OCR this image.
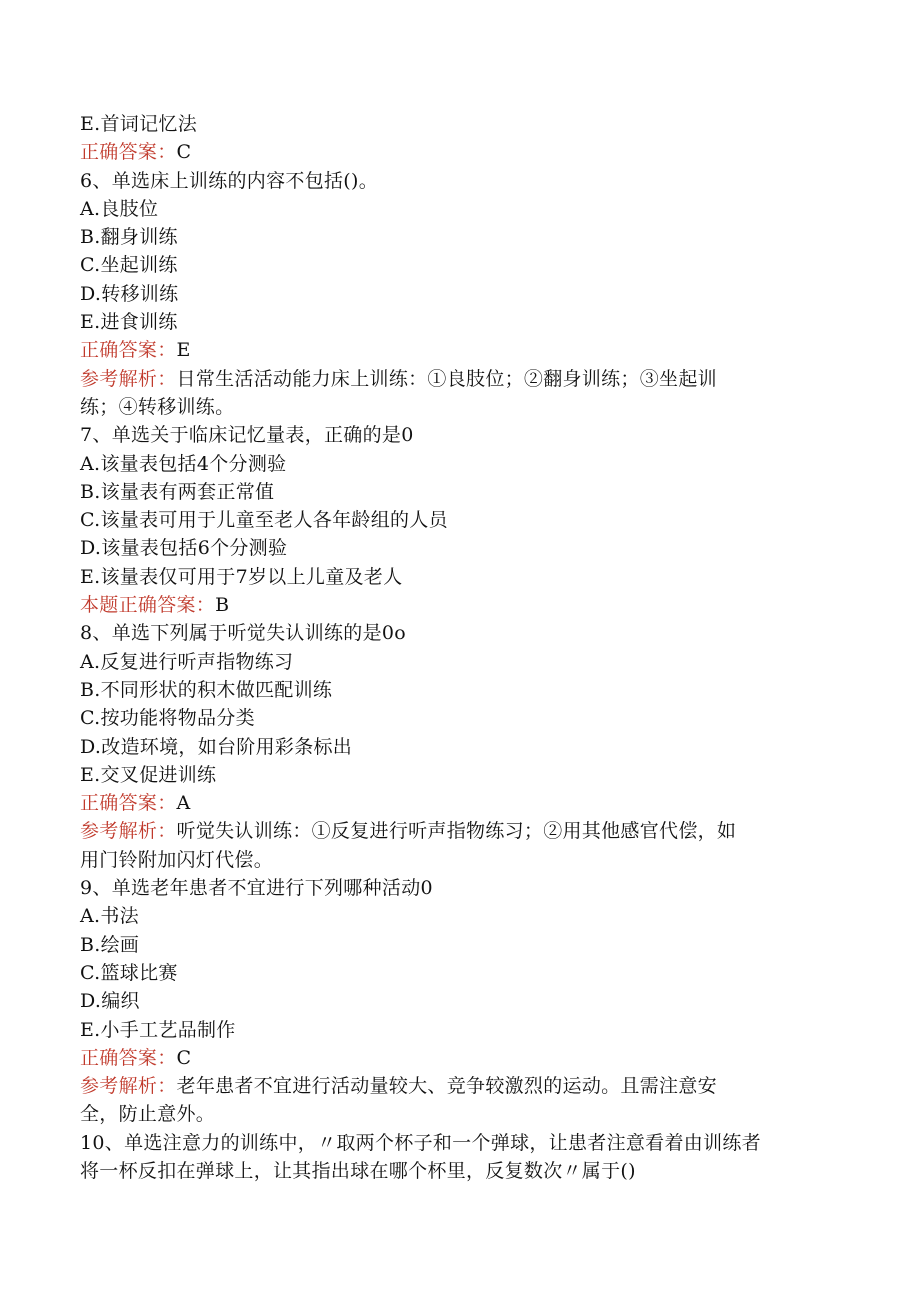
E.首词记忆法
正确答案：C
6、单选床上训练的内容不包括()。
A.良肢位
B.翻身训练
C.坐起训练
D.转移训练
E.进食训练
正确答案：E
参考解析：日常生活活动能力床上训练：①良肢位；②翻身训练；③坐起训
练；④转移训练。
7、单选关于临床记忆量表，正确的是0
A.该量表包括4个分测验
B.该量表有两套正常值
C.该量表可用于儿童至老人各年龄组的人员
D.该量表包括6个分测验
E.该量表仅可用于7岁以上儿童及老人
本题正确答案：B
8、单选下列属于听觉失认训练的是0o
A.反复进行听声指物练习
B.不同形状的积木做匹配训练
C.按功能将物品分类
D.改造环境，如台阶用彩条标出
E.交叉促进训练
正确答案：A
参考解析：听觉失认训练：①反复进行听声指物练习；②用其他感官代偿，如
用门铃附加闪灯代偿。
9、单选老年患者不宜进行下列哪种活动0
A.书法
B.绘画
C.篮球比赛
D.编织
E.小手工艺品制作
正确答案：C
参考解析：老年患者不宜进行活动量较大、竞争较激烈的运动。且需注意安
全，防止意外。
10、单选注意力的训练中，〃取两个杯子和一个弹球，让患者注意看着由训练者
将一杯反扣在弹球上，让其指出球在哪个杯里，反复数次〃属于()
